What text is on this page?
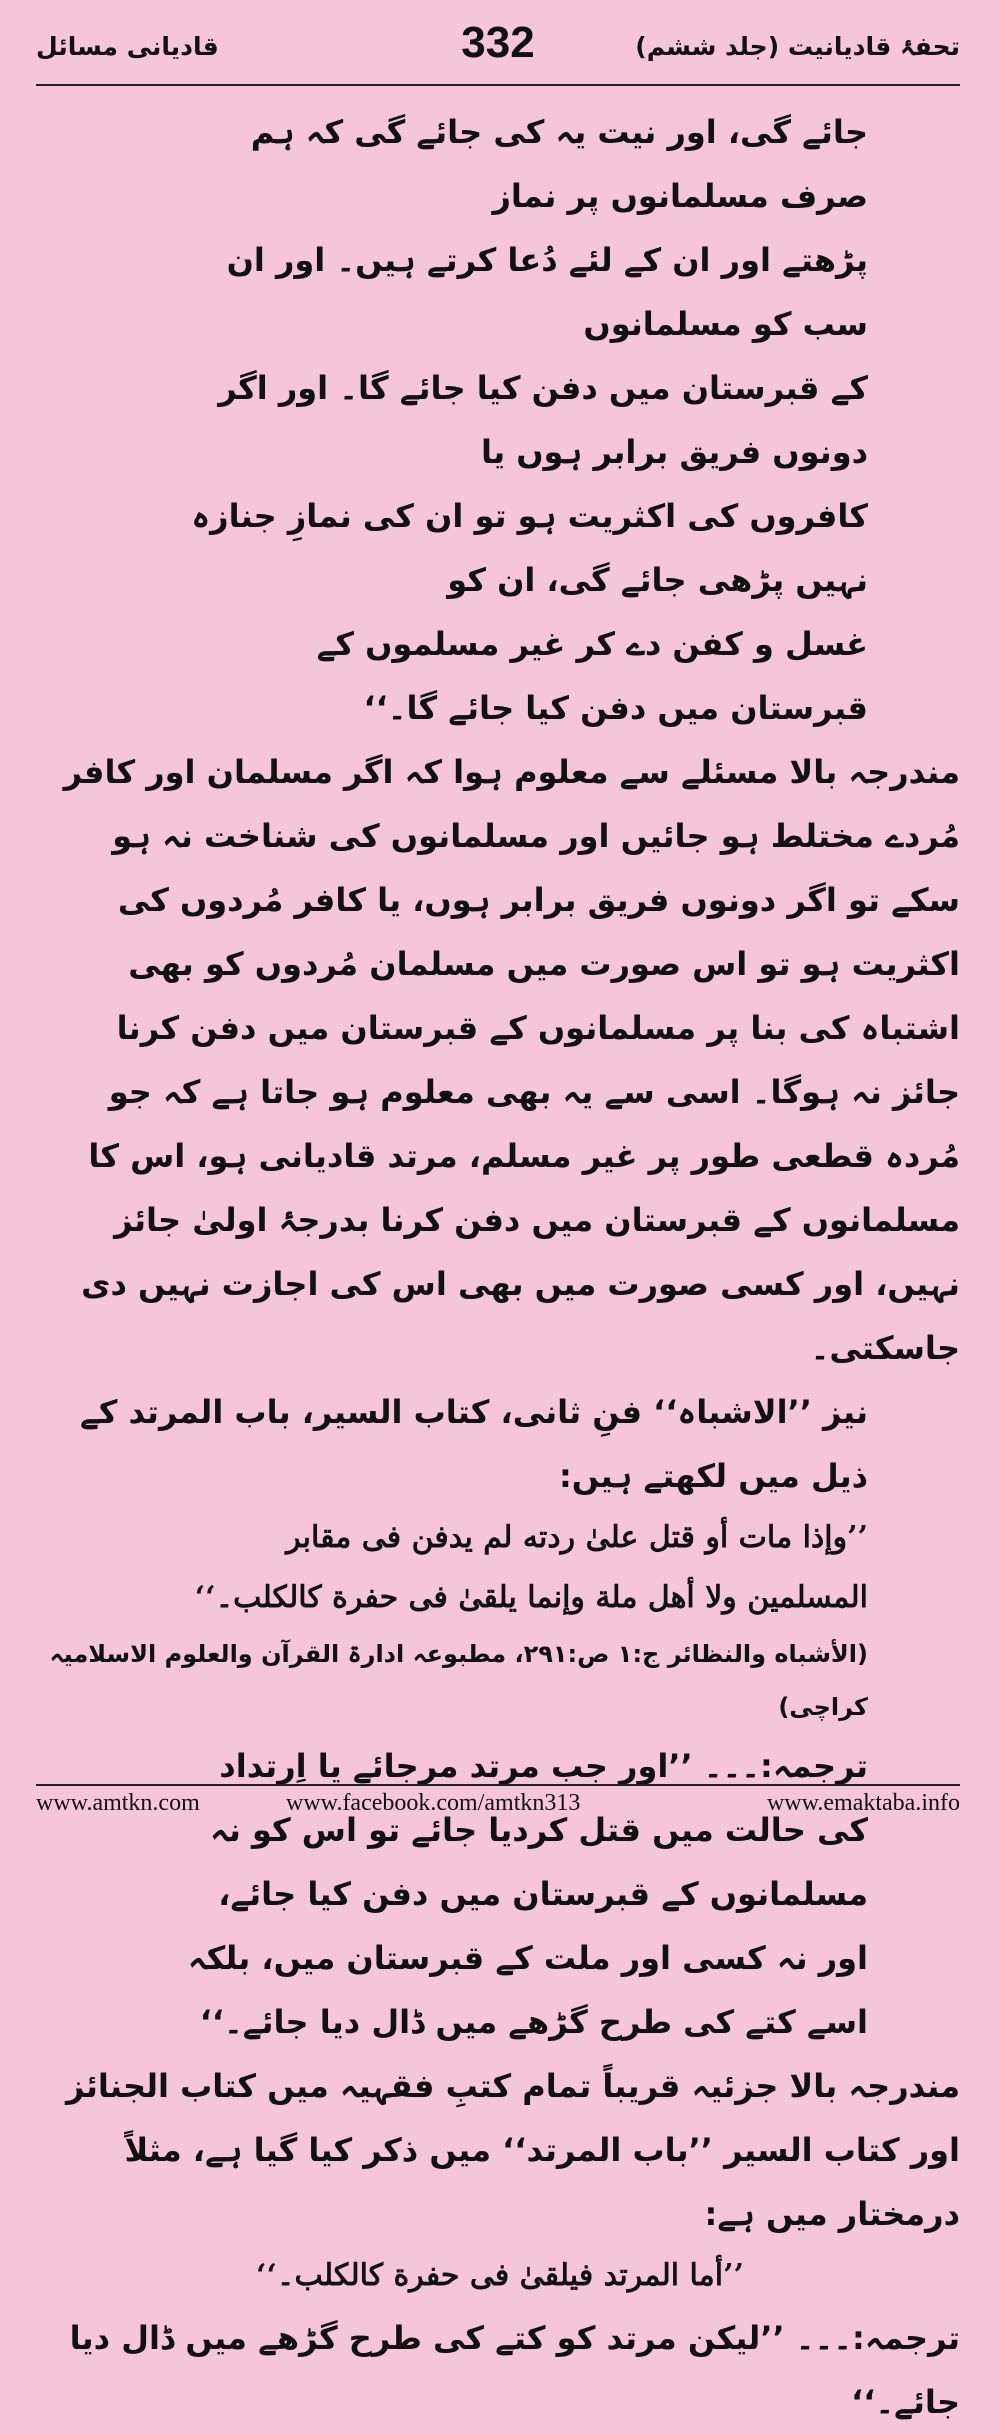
تحفۂ قادیانیت (جلد ششم)
332
قادیانی مسائل

جائے گی، اور نیت یہ کی جائے گی کہ ہم صرف مسلمانوں پر نماز

پڑھتے اور ان کے لئے دُعا کرتے ہیں۔ اور ان سب کو مسلمانوں

کے قبرستان میں دفن کیا جائے گا۔ اور اگر دونوں فریق برابر ہوں یا

کافروں کی اکثریت ہو تو ان کی نمازِ جنازہ نہیں پڑھی جائے گی، ان کو

غسل و کفن دے کر غیر مسلموں کے قبرستان میں دفن کیا جائے گا۔‘‘

مندرجہ بالا مسئلے سے معلوم ہوا کہ اگر مسلمان اور کافر مُردے مختلط ہو جائیں اور مسلمانوں کی شناخت نہ ہو سکے تو اگر دونوں فریق برابر ہوں، یا کافر مُردوں کی اکثریت ہو تو اس صورت میں مسلمان مُردوں کو بھی اشتباہ کی بنا پر مسلمانوں کے قبرستان میں دفن کرنا جائز نہ ہوگا۔ اسی سے یہ بھی معلوم ہو جاتا ہے کہ جو مُردہ قطعی طور پر غیر مسلم، مرتد قادیانی ہو، اس کا مسلمانوں کے قبرستان میں دفن کرنا بدرجۂ اولیٰ جائز نہیں، اور کسی صورت میں بھی اس کی اجازت نہیں دی جاسکتی۔

نیز ’’الاشباہ‘‘ فنِ ثانی، کتاب السیر، باب المرتد کے ذیل میں لکھتے ہیں:

’’وإذا مات أو قتل علىٰ ردته لم يدفن فى مقابر المسلمين ولا أهل ملة وإنما يلقىٰ فى حفرة كالكلب۔‘‘

(الأشباه والنظائر ج:۱ ص:۲۹۱، مطبوعہ ادارۃ القرآن والعلوم الاسلامیہ کراچی)

ترجمہ:۔۔۔ ’’اور جب مرتد مرجائے یا اِرتداد کی حالت میں قتل کردیا جائے تو اس کو نہ مسلمانوں کے قبرستان میں دفن کیا جائے، اور نہ کسی اور ملت کے قبرستان میں، بلکہ اسے کتے کی طرح گڑھے میں ڈال دیا جائے۔‘‘

مندرجہ بالا جزئیہ قریباً تمام کتبِ فقہیہ میں کتاب الجنائز اور کتاب السیر ’’باب المرتد‘‘ میں ذکر کیا گیا ہے، مثلاً درمختار میں ہے:

’’أما المرتد فيلقىٰ فى حفرة كالكلب۔‘‘

ترجمہ:۔۔۔ ’’لیکن مرتد کو کتے کی طرح گڑھے میں ڈال دیا جائے۔‘‘

www.amtkn.com	www.facebook.com/amtkn313	www.emaktaba.info
